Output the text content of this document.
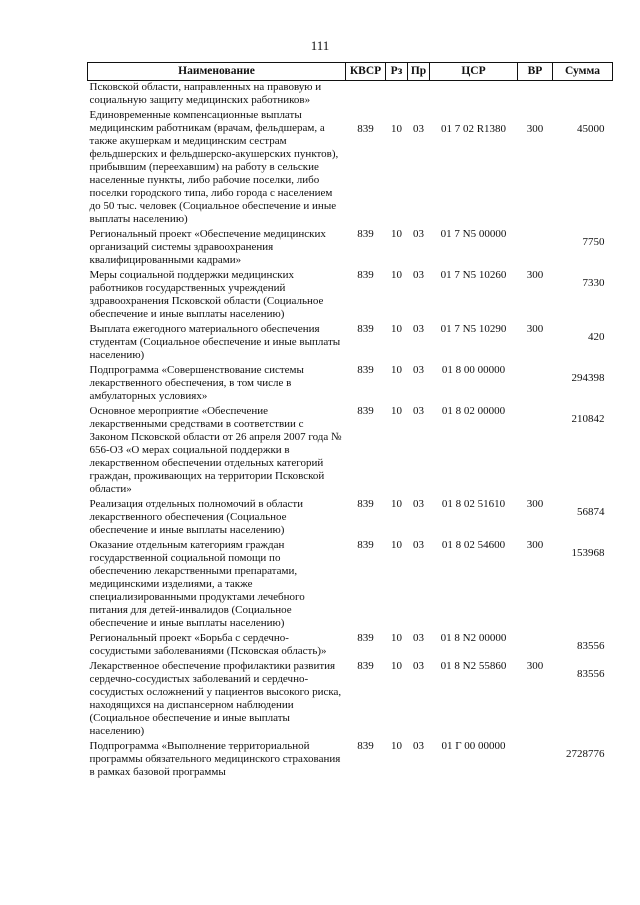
111
Наименование	КВСР	Рз	Пр	ЦСР	ВР	Сумма
Псковской области, направленных на правовую и социальную защиту медицинских работников»						
Единовременные компенсационные выплаты медицинским работникам (врачам, фельдшерам, а также акушеркам и медицинским сестрам фельдшерских и фельдшерско-акушерских пунктов), прибывшим (переехавшим) на работу в сельские населенные пункты, либо рабочие поселки, либо поселки городского типа, либо города с населением до 50 тыс. человек (Социальное обеспечение и иные выплаты населению)	839	10	03	01 7 02 R1380	300	45000
Региональный проект «Обеспечение медицинских организаций системы здравоохранения квалифицированными кадрами»	839	10	03	01 7 N5 00000		7750
Меры социальной поддержки медицинских работников государственных учреждений здравоохранения Псковской области (Социальное обеспечение и иные выплаты населению)	839	10	03	01 7 N5 10260	300	7330
Выплата ежегодного материального обеспечения студентам (Социальное обеспечение и иные выплаты населению)	839	10	03	01 7 N5 10290	300	420
Подпрограмма «Совершенствование системы лекарственного обеспечения, в том числе в амбулаторных условиях»	839	10	03	01 8 00 00000		294398
Основное мероприятие «Обеспечение лекарственными средствами в соответствии с Законом Псковской области от 26 апреля 2007 года № 656-ОЗ «О мерах социальной поддержки в лекарственном обеспечении отдельных категорий граждан, проживающих на территории Псковской области»	839	10	03	01 8 02 00000		210842
Реализация отдельных полномочий в области лекарственного обеспечения (Социальное обеспечение и иные выплаты населению)	839	10	03	01 8 02 51610	300	56874
Оказание отдельным категориям граждан государственной социальной помощи по обеспечению лекарственными препаратами, медицинскими изделиями, а также специализированными продуктами лечебного питания для детей-инвалидов (Социальное обеспечение и иные выплаты населению)	839	10	03	01 8 02 54600	300	153968
Региональный проект «Борьба с сердечно-сосудистыми заболеваниями (Псковская область)»	839	10	03	01 8 N2 00000		83556
Лекарственное обеспечение профилактики развития сердечно-сосудистых заболеваний и сердечно-сосудистых осложнений у пациентов высокого риска, находящихся на диспансерном наблюдении (Социальное обеспечение и иные выплаты населению)	839	10	03	01 8 N2 55860	300	83556
Подпрограмма «Выполнение территориальной программы обязательного медицинского страхования в рамках базовой программы	839	10	03	01 Г 00 00000		2728776
